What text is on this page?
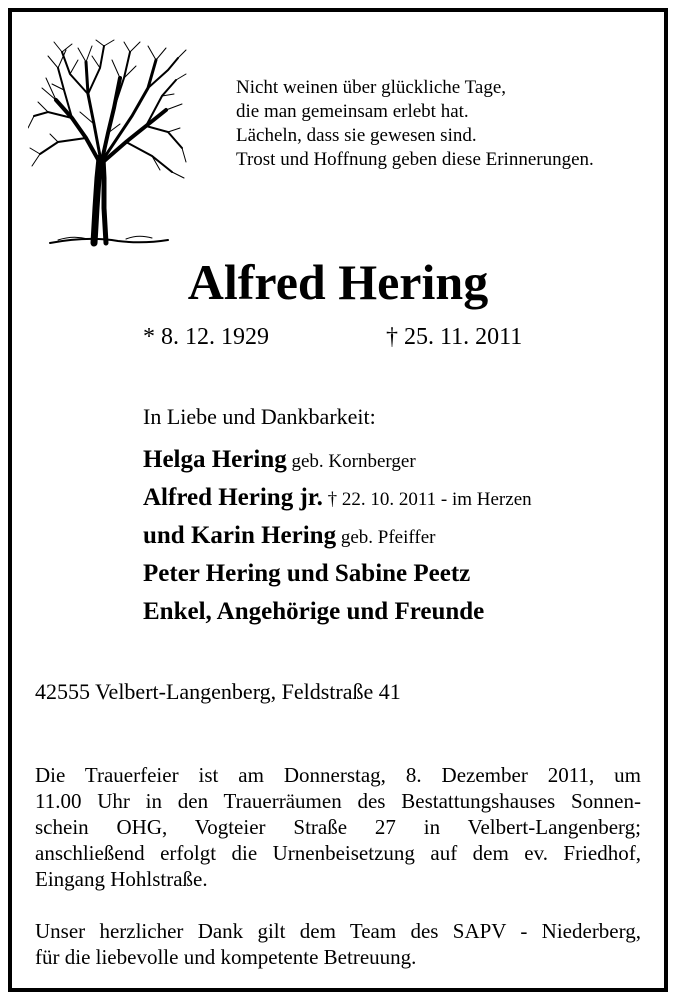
Nicht weinen über glückliche Tage,
die man gemeinsam erlebt hat.
Lächeln, dass sie gewesen sind.
Trost und Hoffnung geben diese Erinnerungen.
Alfred Hering
* 8. 12. 1929	† 25. 11. 2011
In Liebe und Dankbarkeit:
Helga Hering geb. Kornberger
Alfred Hering jr. † 22. 10. 2011 - im Herzen
und Karin Hering geb. Pfeiffer
Peter Hering und Sabine Peetz
Enkel, Angehörige und Freunde
42555 Velbert-Langenberg, Feldstraße 41
Die Trauerfeier ist am Donnerstag, 8. Dezember 2011, um
11.00 Uhr in den Trauerräumen des Bestattungshauses Sonnen-
schein OHG, Vogteier Straße 27 in Velbert-Langenberg;
anschließend erfolgt die Urnenbeisetzung auf dem ev. Friedhof,
Eingang Hohlstraße.
Unser herzlicher Dank gilt dem Team des SAPV - Niederberg,
für die liebevolle und kompetente Betreuung.
